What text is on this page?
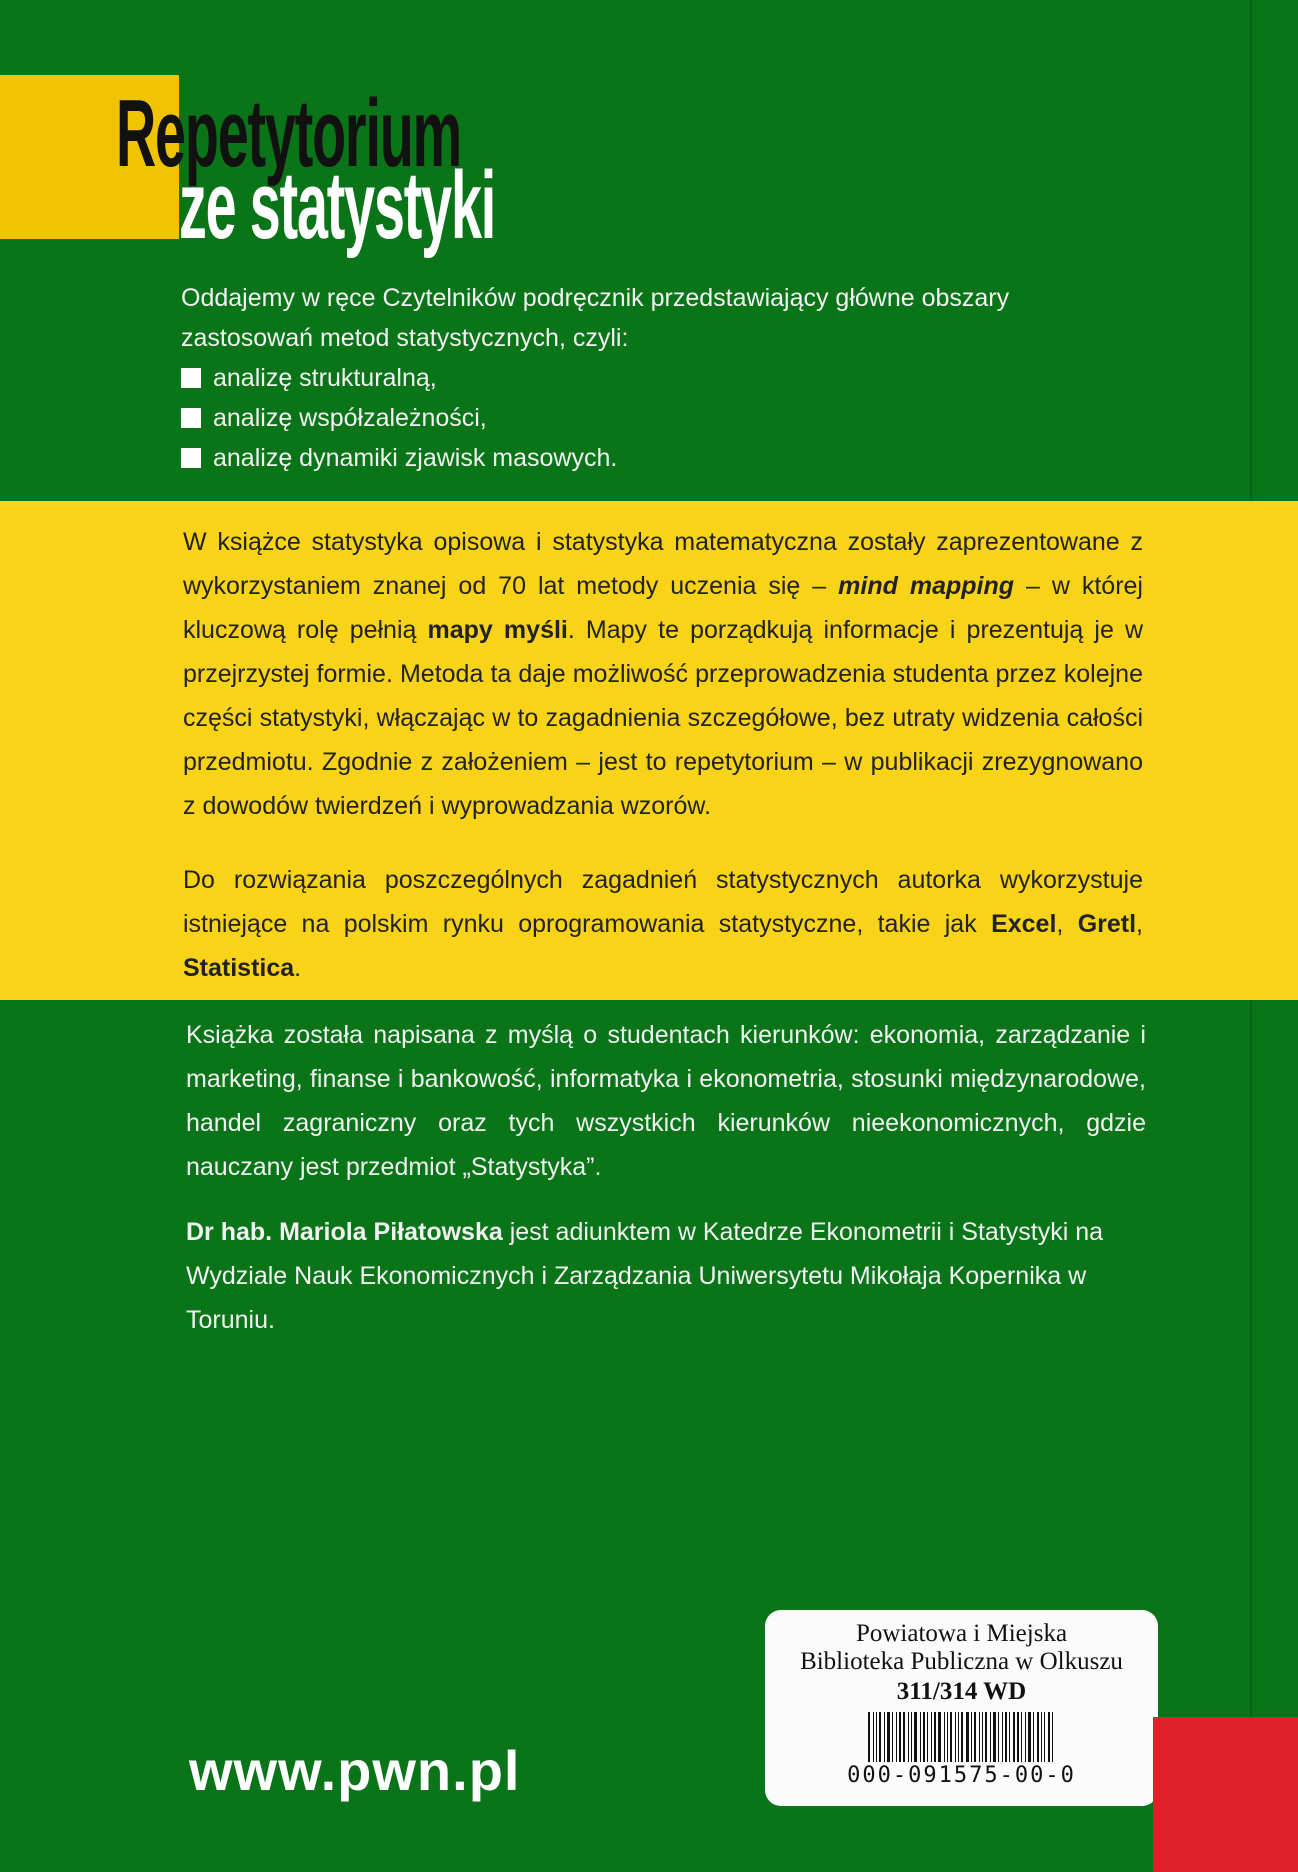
Repetytorium
ze statystyki
Oddajemy w ręce Czytelników podręcznik przedstawiający główne obszary zastosowań metod statystycznych, czyli:
analizę strukturalną,
analizę współzależności,
analizę dynamiki zjawisk masowych.
W książce statystyka opisowa i statystyka matematyczna zostały zaprezentowane z wykorzystaniem znanej od 70 lat metody uczenia się – mind mapping – w której kluczową rolę pełnią mapy myśli. Mapy te porządkują informacje i prezentują je w przejrzystej formie. Metoda ta daje możliwość przeprowadzenia studenta przez kolejne części statystyki, włączając w to zagadnienia szczegółowe, bez utraty widzenia całości przedmiotu. Zgodnie z założeniem – jest to repetytorium – w publikacji zrezygnowano z dowodów twierdzeń i wyprowadzania wzorów.
Do rozwiązania poszczególnych zagadnień statystycznych autorka wykorzystuje istniejące na polskim rynku oprogramowania statystyczne, takie jak Excel, Gretl, Statistica.
Książka została napisana z myślą o studentach kierunków: ekonomia, zarządzanie i marketing, finanse i bankowość, informatyka i ekonometria, stosunki międzynarodowe, handel zagraniczny oraz tych wszystkich kierunków nieekonomicznych, gdzie nauczany jest przedmiot „Statystyka”.
Dr hab. Mariola Piłatowska jest adiunktem w Katedrze Ekonometrii i Statystyki na Wydziale Nauk Ekonomicznych i Zarządzania Uniwersytetu Mikołaja Kopernika w Toruniu.
www.pwn.pl
Powiatowa i Miejska
Biblioteka Publiczna w Olkuszu
311/314 WD
000-091575-00-0
